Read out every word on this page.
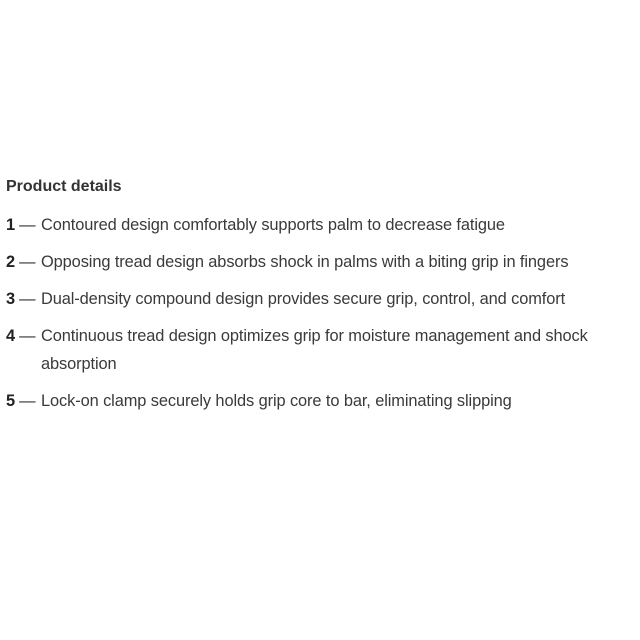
Product details
1 — Contoured design comfortably supports palm to decrease fatigue
2 — Opposing tread design absorbs shock in palms with a biting grip in fingers
3 — Dual-density compound design provides secure grip, control, and comfort
4 — Continuous tread design optimizes grip for moisture management and shock absorption
5 — Lock-on clamp securely holds grip core to bar, eliminating slipping
